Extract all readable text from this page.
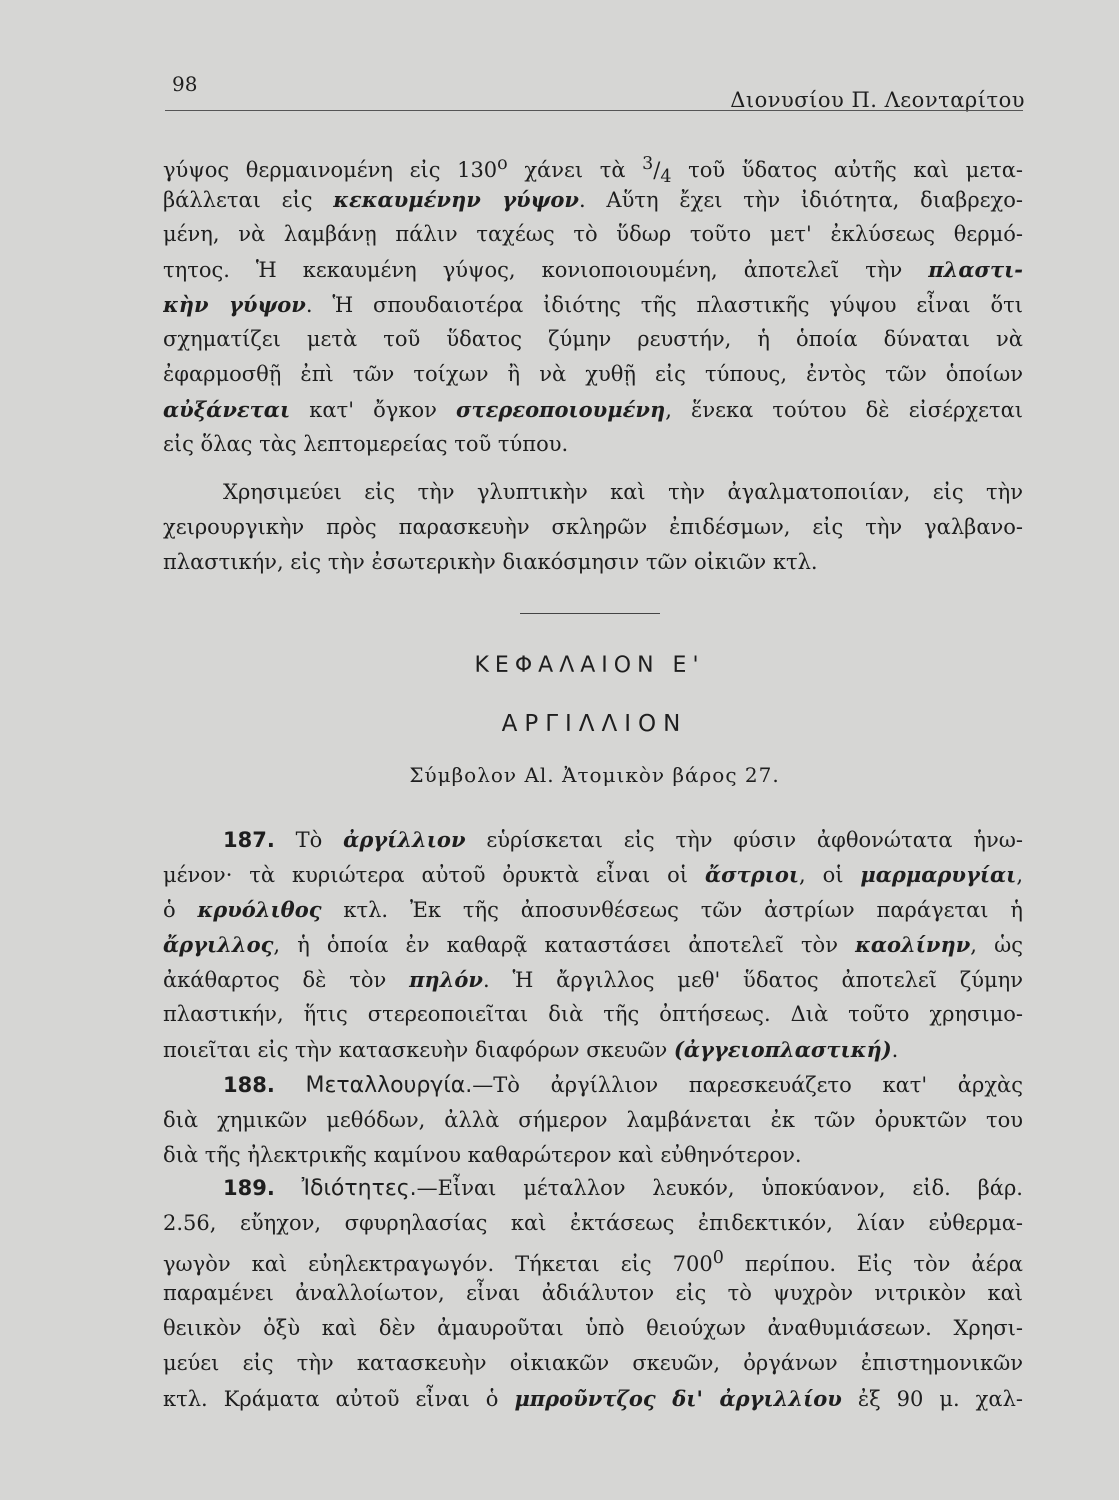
98
Διονυσίου Π. Λεονταρίτου
γύψος θερμαινομένη εἰς $130^o$ χάνει τὰ $^3/_4$ τοῦ ὕδατος αὐτῆς καὶ μετα-
βάλλεται εἰς κεκαυμένην γύψον. Αὕτη ἔχει τὴν ἰδιότητα, διαβρεχο-
μένη, νὰ λαμβάνῃ πάλιν ταχέως τὸ ὕδωρ τοῦτο μετ' ἐκλύσεως θερμό-
τητος. Ἡ κεκαυμένη γύψος, κονιοποιουμένη, ἀποτελεῖ τὴν πλαστι-
κὴν γύψον. Ἡ σπουδαιοτέρα ἰδιότης τῆς πλαστικῆς γύψου εἶναι ὅτι
σχηματίζει μετὰ τοῦ ὕδατος ζύμην ρευστήν, ἡ ὁποία δύναται νὰ
ἐφαρμοσθῇ ἐπὶ τῶν τοίχων ἢ νὰ χυθῇ εἰς τύπους, ἐντὸς τῶν ὁποίων
αὐξάνεται κατ' ὄγκον στερεοποιουμένη, ἕνεκα τούτου δὲ εἰσέρχεται
εἰς ὅλας τὰς λεπτομερείας τοῦ τύπου.
Χρησιμεύει εἰς τὴν γλυπτικὴν καὶ τὴν ἀγαλματοποιίαν, εἰς τὴν
χειρουργικὴν πρὸς παρασκευὴν σκληρῶν ἐπιδέσμων, εἰς τὴν γαλβανο-
πλαστικήν, εἰς τὴν ἐσωτερικὴν διακόσμησιν τῶν οἰκιῶν κτλ.
ΚΕΦΑΛΑΙΟΝ Ε'
ΑΡΓΙΛΛΙΟΝ
Σύμβολον Al. Ἀτομικὸν βάρος 27.
187. Τὸ ἀργίλλιον εὑρίσκεται εἰς τὴν φύσιν ἀφθονώτατα ἡνω-
μένον· τὰ κυριώτερα αὐτοῦ ὀρυκτὰ εἶναι οἱ ἄστριοι, οἱ μαρμαρυγίαι,
ὁ κρυόλιθος κτλ. Ἐκ τῆς ἀποσυνθέσεως τῶν ἀστρίων παράγεται ἡ
ἄργιλλος, ἡ ὁποία ἐν καθαρᾷ καταστάσει ἀποτελεῖ τὸν καολίνην, ὡς
ἀκάθαρτος δὲ τὸν πηλόν. Ἡ ἄργιλλος μεθ' ὕδατος ἀποτελεῖ ζύμην
πλαστικήν, ἥτις στερεοποιεῖται διὰ τῆς ὀπτήσεως. Διὰ τοῦτο χρησιμο-
ποιεῖται εἰς τὴν κατασκευὴν διαφόρων σκευῶν (ἀγγειοπλαστική).
188. Μεταλλουργία.—Τὸ ἀργίλλιον παρεσκευάζετο κατ' ἀρχὰς
διὰ χημικῶν μεθόδων, ἀλλὰ σήμερον λαμβάνεται ἐκ τῶν ὀρυκτῶν του
διὰ τῆς ἠλεκτρικῆς καμίνου καθαρώτερον καὶ εὐθηνότερον.
189. Ἰδιότητες.—Εἶναι μέταλλον λευκόν, ὑποκύανον, εἰδ. βάρ.
2.56, εὔηχον, σφυρηλασίας καὶ ἐκτάσεως ἐπιδεκτικόν, λίαν εὐθερμα-
γωγὸν καὶ εὐηλεκτραγωγόν. Τήκεται εἰς $700^0$ περίπου. Εἰς τὸν ἀέρα
παραμένει ἀναλλοίωτον, εἶναι ἀδιάλυτον εἰς τὸ ψυχρὸν νιτρικὸν καὶ
θειικὸν ὀξὺ καὶ δὲν ἀμαυροῦται ὑπὸ θειούχων ἀναθυμιάσεων. Χρησι-
μεύει εἰς τὴν κατασκευὴν οἰκιακῶν σκευῶν, ὀργάνων ἐπιστημονικῶν
κτλ. Κράματα αὐτοῦ εἶναι ὁ μπροῦντζος δι' ἀργιλλίου ἐξ 90 μ. χαλ-
